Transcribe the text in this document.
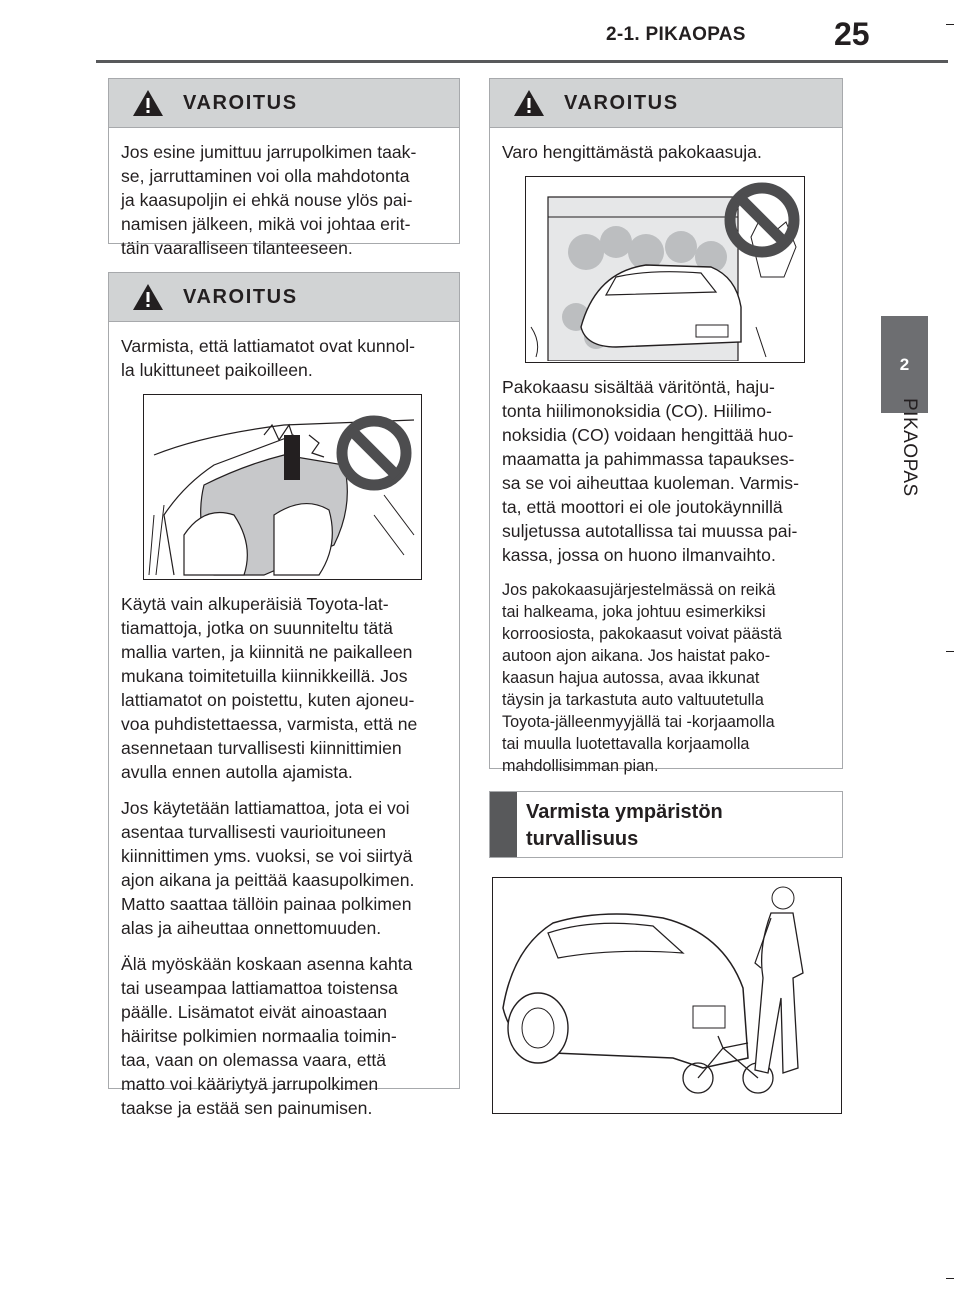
2-1. PIKAOPAS	25
2
PIKAOPAS
VAROITUS

Jos esine jumittuu jarrupolkimen taak-
se, jarruttaminen voi olla mahdotonta
ja kaasupoljin ei ehkä nouse ylös pai-
namisen jälkeen, mikä voi johtaa erit-
täin vaaralliseen tilanteeseen.

VAROITUS

Varmista, että lattiamatot ovat kunnol-
la lukittuneet paikoilleen.

Käytä vain alkuperäisiä Toyota-lat-
tiamattoja, jotka on suunniteltu tätä
mallia varten, ja kiinnitä ne paikalleen
mukana toimitetuilla kiinnikkeillä. Jos
lattiamatot on poistettu, kuten ajoneu-
voa puhdistettaessa, varmista, että ne
asennetaan turvallisesti kiinnittimien
avulla ennen autolla ajamista.

Jos käytetään lattiamattoa, jota ei voi
asentaa turvallisesti vaurioituneen
kiinnittimen yms. vuoksi, se voi siirtyä
ajon aikana ja peittää kaasupolkimen.
Matto saattaa tällöin painaa polkimen
alas ja aiheuttaa onnettomuuden.

Älä myöskään koskaan asenna kahta
tai useampaa lattiamattoa toistensa
päälle. Lisämatot eivät ainoastaan
häiritse polkimien normaalia toimin-
taa, vaan on olemassa vaara, että
matto voi kääriytyä jarrupolkimen
taakse ja estää sen painumisen.

VAROITUS

Varo hengittämästä pakokaasuja.

Pakokaasu sisältää väritöntä, haju-
tonta hiilimonoksidia (CO). Hiilimo-
noksidia (CO) voidaan hengittää huo-
maamatta ja pahimmassa tapaukses-
sa se voi aiheuttaa kuoleman. Varmis-
ta, että moottori ei ole joutokäynnillä
suljetussa autotallissa tai muussa pai-
kassa, jossa on huono ilmanvaihto.

Jos pakokaasujärjestelmässä on reikä
tai halkeama, joka johtuu esimerkiksi
korroosiosta, pakokaasut voivat päästä
autoon ajon aikana. Jos haistat pako-
kaasun hajua autossa, avaa ikkunat
täysin ja tarkastuta auto valtuutetulla
Toyota-jälleenmyyjällä tai -korjaamolla
tai muulla luotettavalla korjaamolla
mahdollisimman pian.

Varmista ympäristön
turvallisuus
